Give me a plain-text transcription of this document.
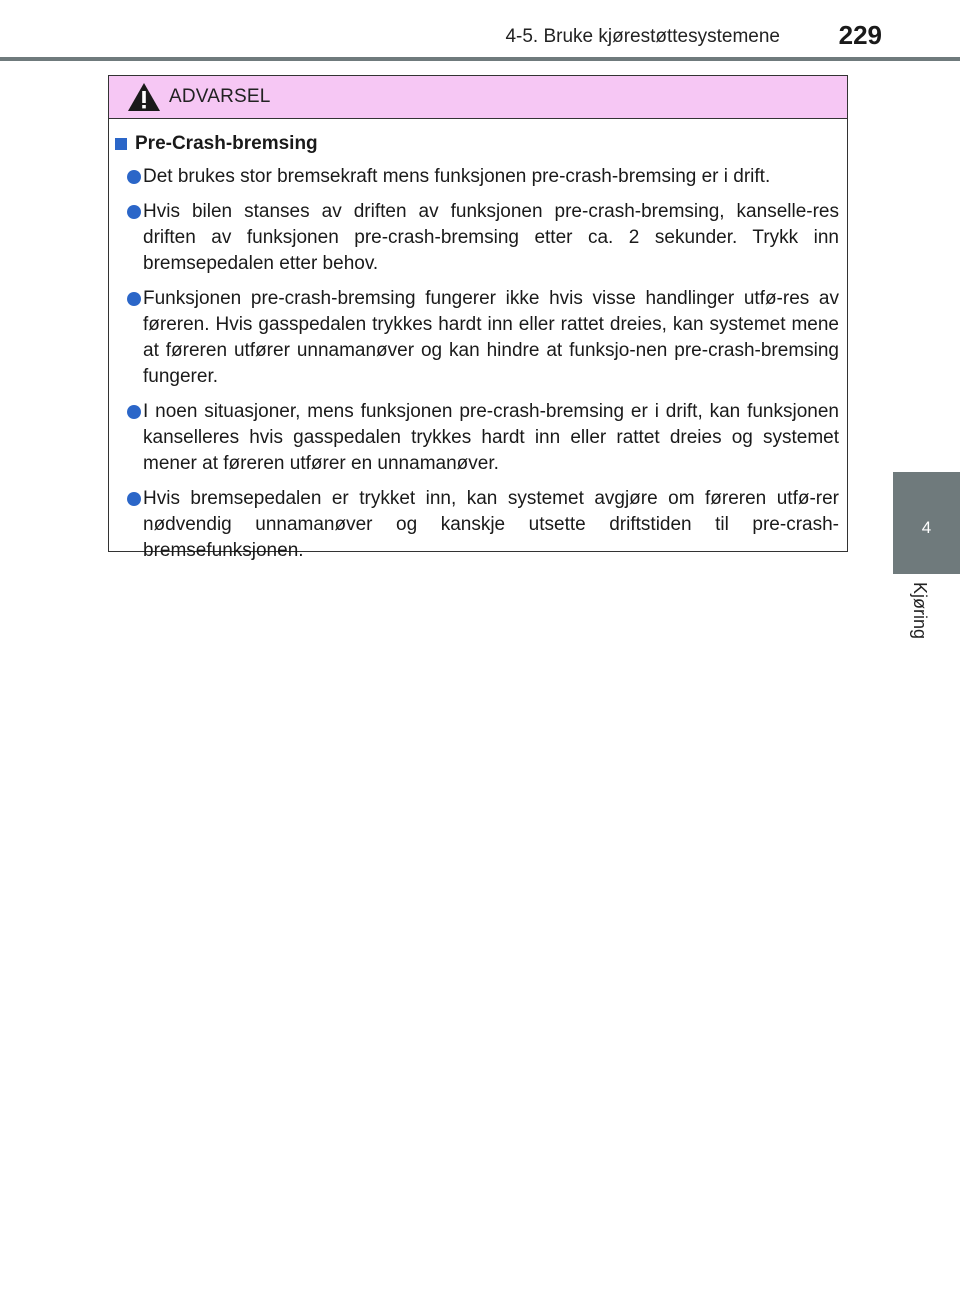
4-5. Bruke kjørestøttesystemene 229
4
Kjøring
ADVARSEL
Pre-Crash-bremsing
Det brukes stor bremsekraft mens funksjonen pre-crash-bremsing er i drift.
Hvis bilen stanses av driften av funksjonen pre-crash-bremsing, kanselle-res driften av funksjonen pre-crash-bremsing etter ca. 2 sekunder. Trykk inn bremsepedalen etter behov.
Funksjonen pre-crash-bremsing fungerer ikke hvis visse handlinger utfø-res av føreren. Hvis gasspedalen trykkes hardt inn eller rattet dreies, kan systemet mene at føreren utfører unnamanøver og kan hindre at funksjo-nen pre-crash-bremsing fungerer.
I noen situasjoner, mens funksjonen pre-crash-bremsing er i drift, kan funksjonen kanselleres hvis gasspedalen trykkes hardt inn eller rattet dreies og systemet mener at føreren utfører en unnamanøver.
Hvis bremsepedalen er trykket inn, kan systemet avgjøre om føreren utfø-rer nødvendig unnamanøver og kanskje utsette driftstiden til pre-crash-bremsefunksjonen.
